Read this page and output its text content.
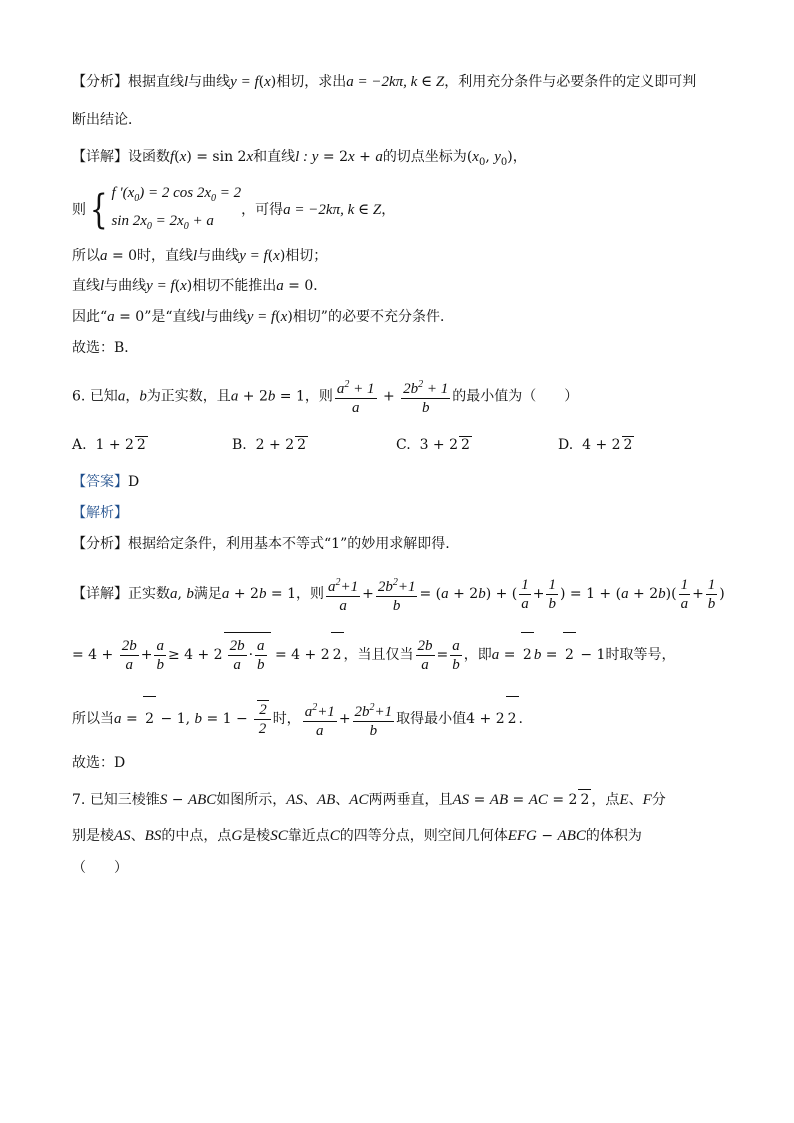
【分析】根据直线l与曲线y = f(x)相切，求出a = −2kπ, k ∈ Z，利用充分条件与必要条件的定义即可判
断出结论．
【详解】设函数f(x) = sin 2x和直线l : y = 2x + a的切点坐标为($x_0$, $y_0$)，
则 { f '$(x_0) = 2$ $\cos 2x_0 = 2$
$\sin 2x_0 = 2x_0 + a$
，可得a = −2kπ, k ∈ Z，
所以a = 0时，直线l与曲线y = f(x)相切；
直线l与曲线y = f(x)相切不能推出a = 0．
因此“a = 0”是“直线l与曲线y = f(x)相切”的必要不充分条件．
故选：B．
6. 已知a，b为正实数，且a + 2b = 1，则 $\frac{a^2 + 1}{a} + \frac{2b^2 + 1}{b}$ 的最小值为（　　）
A.  1 + 2 2	B.  2 + 2 2	C.  3 + 2 2	D.  4 + 2 2
【答案】D
【解析】
【分析】根据给定条件，利用基本不等式“1”的妙用求解即得.
【详解】正实数a, b满足a + 2b = 1，则 $\frac{a^2+1}{a} + \frac{2b^2+1}{b} = (a + 2b)$ + ( $\frac{1}{a} + \frac{1}{b}$ ) = $1 + (a + 2b)( \frac{1}{a} + \frac{1}{b}$ )
= $4 + \frac{2b}{a} + \frac{a}{b} \ge 4 + 2 \frac{2b}{a} \cdot \frac{a}{b} = 4 + 2$ 2 ，当且仅当 $\frac{2b}{a} = \frac{a}{b}$ ，即a = 2 b = 2 − 1时取等号，
所以当a = 2 − 1, $b = 1 - \frac{2}{2}$ 时， $\frac{a^2+1}{a} + \frac{2b^2+1}{b}$ 取得最小值4 + 2 2 .
故选：D
7. 已知三棱锥S − ABC如图所示，AS、AB、AC两两垂直，且AS = AB = AC = 2 2 ，点E、F分
别是棱AS、BS的中点，点G是棱SC靠近点C的四等分点，则空间几何体EFG − ABC的体积为
（　　）
